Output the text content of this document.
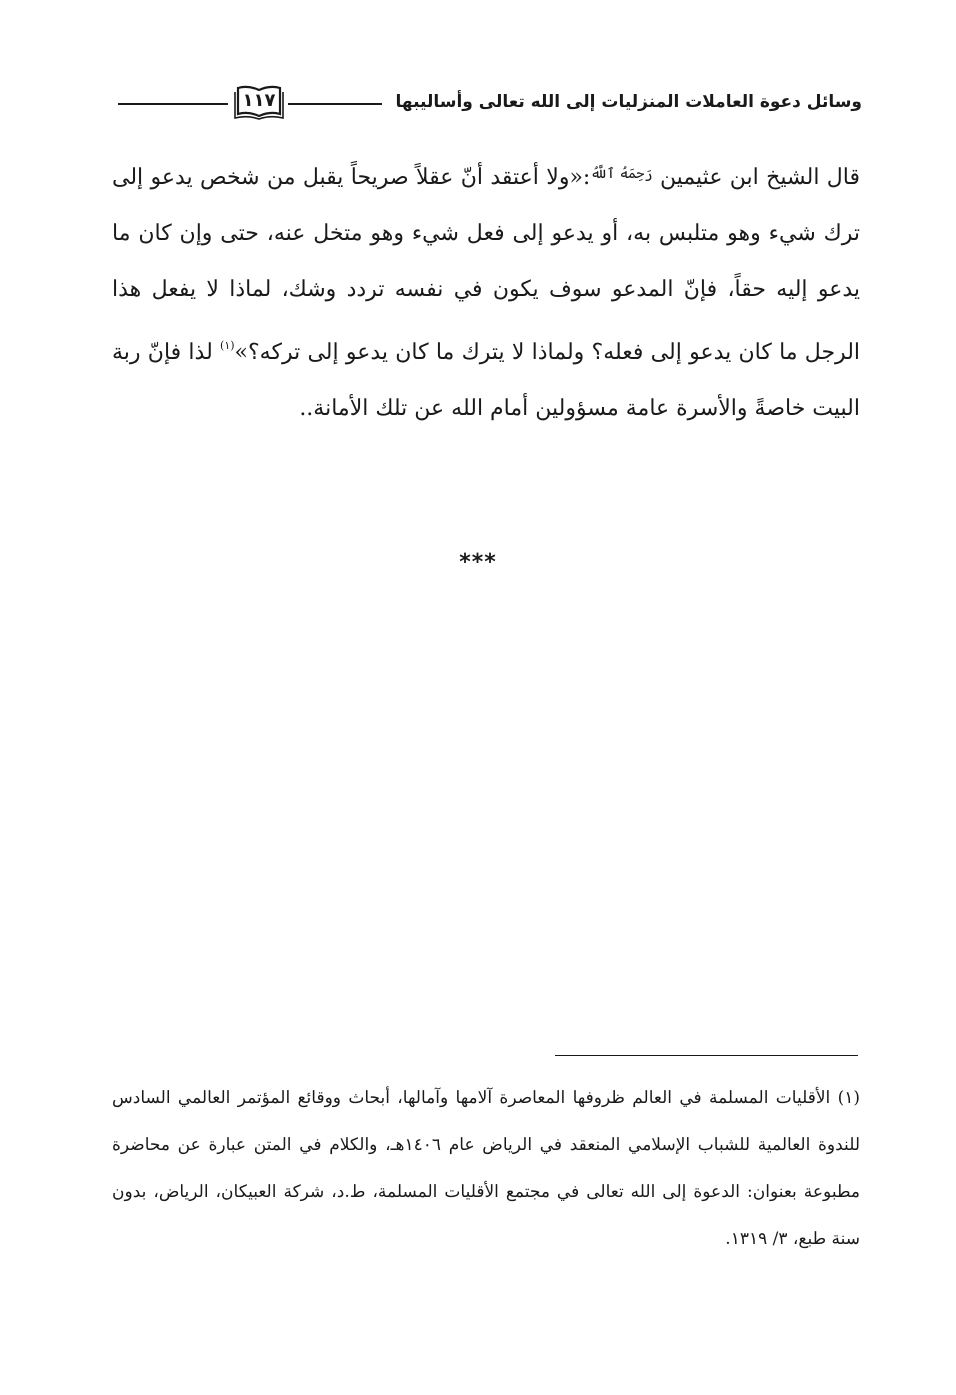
١١٧	وسائل دعوة العاملات المنزليات إلى الله تعالى وأساليبها

قال الشيخ ابن عثيمين $^{رَحِمَهُ ٱللَّهُ}$:«ولا أعتقد أنّ عقلاً صريحاً يقبل من شخص يدعو إلى ترك شيء وهو متلبس به، أو يدعو إلى فعل شيء وهو متخل عنه، حتى وإن كان ما يدعو إليه حقاً، فإنّ المدعو سوف يكون في نفسه تردد وشك، لماذا لا يفعل هذا الرجل ما كان يدعو إلى فعله؟ ولماذا لا يترك ما كان يدعو إلى تركه؟»$^{(١)}$ لذا فإنّ ربة البيت خاصةً والأسرة عامة مسؤولين أمام الله عن تلك الأمانة..

***

(١) الأقليات المسلمة في العالم ظروفها المعاصرة آلامها وآمالها، أبحاث ووقائع المؤتمر العالمي السادس للندوة العالمية للشباب الإسلامي المنعقد في الرياض عام ١٤٠٦هـ، والكلام في المتن عبارة عن محاضرة مطبوعة بعنوان: الدعوة إلى الله تعالى في مجتمع الأقليات المسلمة، ط.د، شركة العبيكان، الرياض، بدون سنة طبع، ٣/ ١٣١٩.
